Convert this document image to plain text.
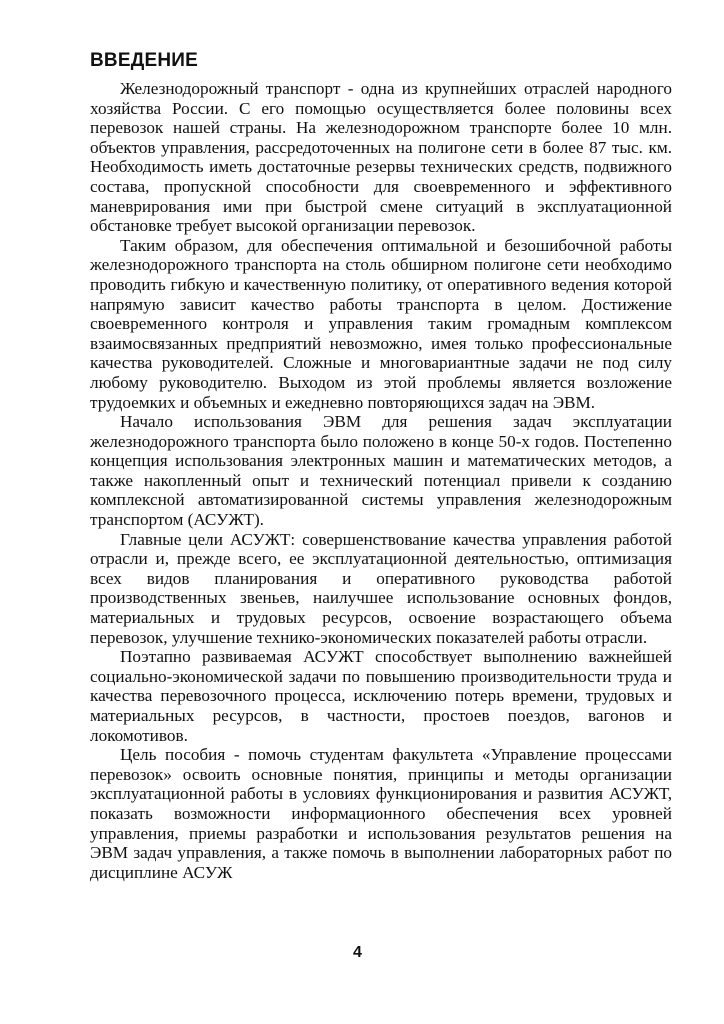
ВВЕДЕНИЕ

Железнодорожный транспорт - одна из крупнейших отраслей народного хозяйства России. С его помощью осуществляется более половины всех перевозок нашей страны. На железнодорожном транспорте более 10 млн. объектов управления, рассредоточенных на полигоне сети в более 87 тыс. км. Необходимость иметь достаточные резервы технических средств, подвижного состава, пропускной способности для своевременного и эффективного маневрирования ими при быстрой смене ситуаций в эксплуатационной обстановке требует высокой организации перевозок.

Таким образом, для обеспечения оптимальной и безошибочной работы железнодорожного транспорта на столь обширном полигоне сети необходимо проводить гибкую и качественную политику, от оперативного ведения которой напрямую зависит качество работы транспорта в целом. Достижение своевременного контроля и управления таким громадным комплексом взаимосвязанных предприятий невозможно, имея только профессиональные качества руководителей. Сложные и многовариантные задачи не под силу любому руководителю. Выходом из этой проблемы является возложение трудоемких и объемных и ежедневно повторяющихся задач на ЭВМ.

Начало использования ЭВМ для решения задач эксплуатации железнодорожного транспорта было положено в конце 50-х годов. Постепенно концепция использования электронных машин и математических методов, а также накопленный опыт и технический потенциал привели к созданию комплексной автоматизированной системы управления железнодорожным транспортом (АСУЖТ).

Главные цели АСУЖТ: совершенствование качества управления работой отрасли и, прежде всего, ее эксплуатационной деятельностью, оптимизация всех видов планирования и оперативного руководства работой производственных звеньев, наилучшее использование основных фондов, материальных и трудовых ресурсов, освоение возрастающего объема перевозок, улучшение технико-экономических показателей работы отрасли.

Поэтапно развиваемая АСУЖТ способствует выполнению важнейшей социально-экономической задачи по повышению производительности труда и качества перевозочного процесса, исключению потерь времени, трудовых и материальных ресурсов, в частности, простоев поездов, вагонов и локомотивов.

Цель пособия - помочь студентам факультета «Управление процессами перевозок» освоить основные понятия, принципы и методы организации эксплуатационной работы в условиях функционирования и развития АСУЖТ, показать возможности информационного обеспечения всех уровней управления, приемы разработки и использования результатов решения на ЭВМ задач управления, а также помочь в выполнении лабораторных работ по дисциплине АСУЖ

4
